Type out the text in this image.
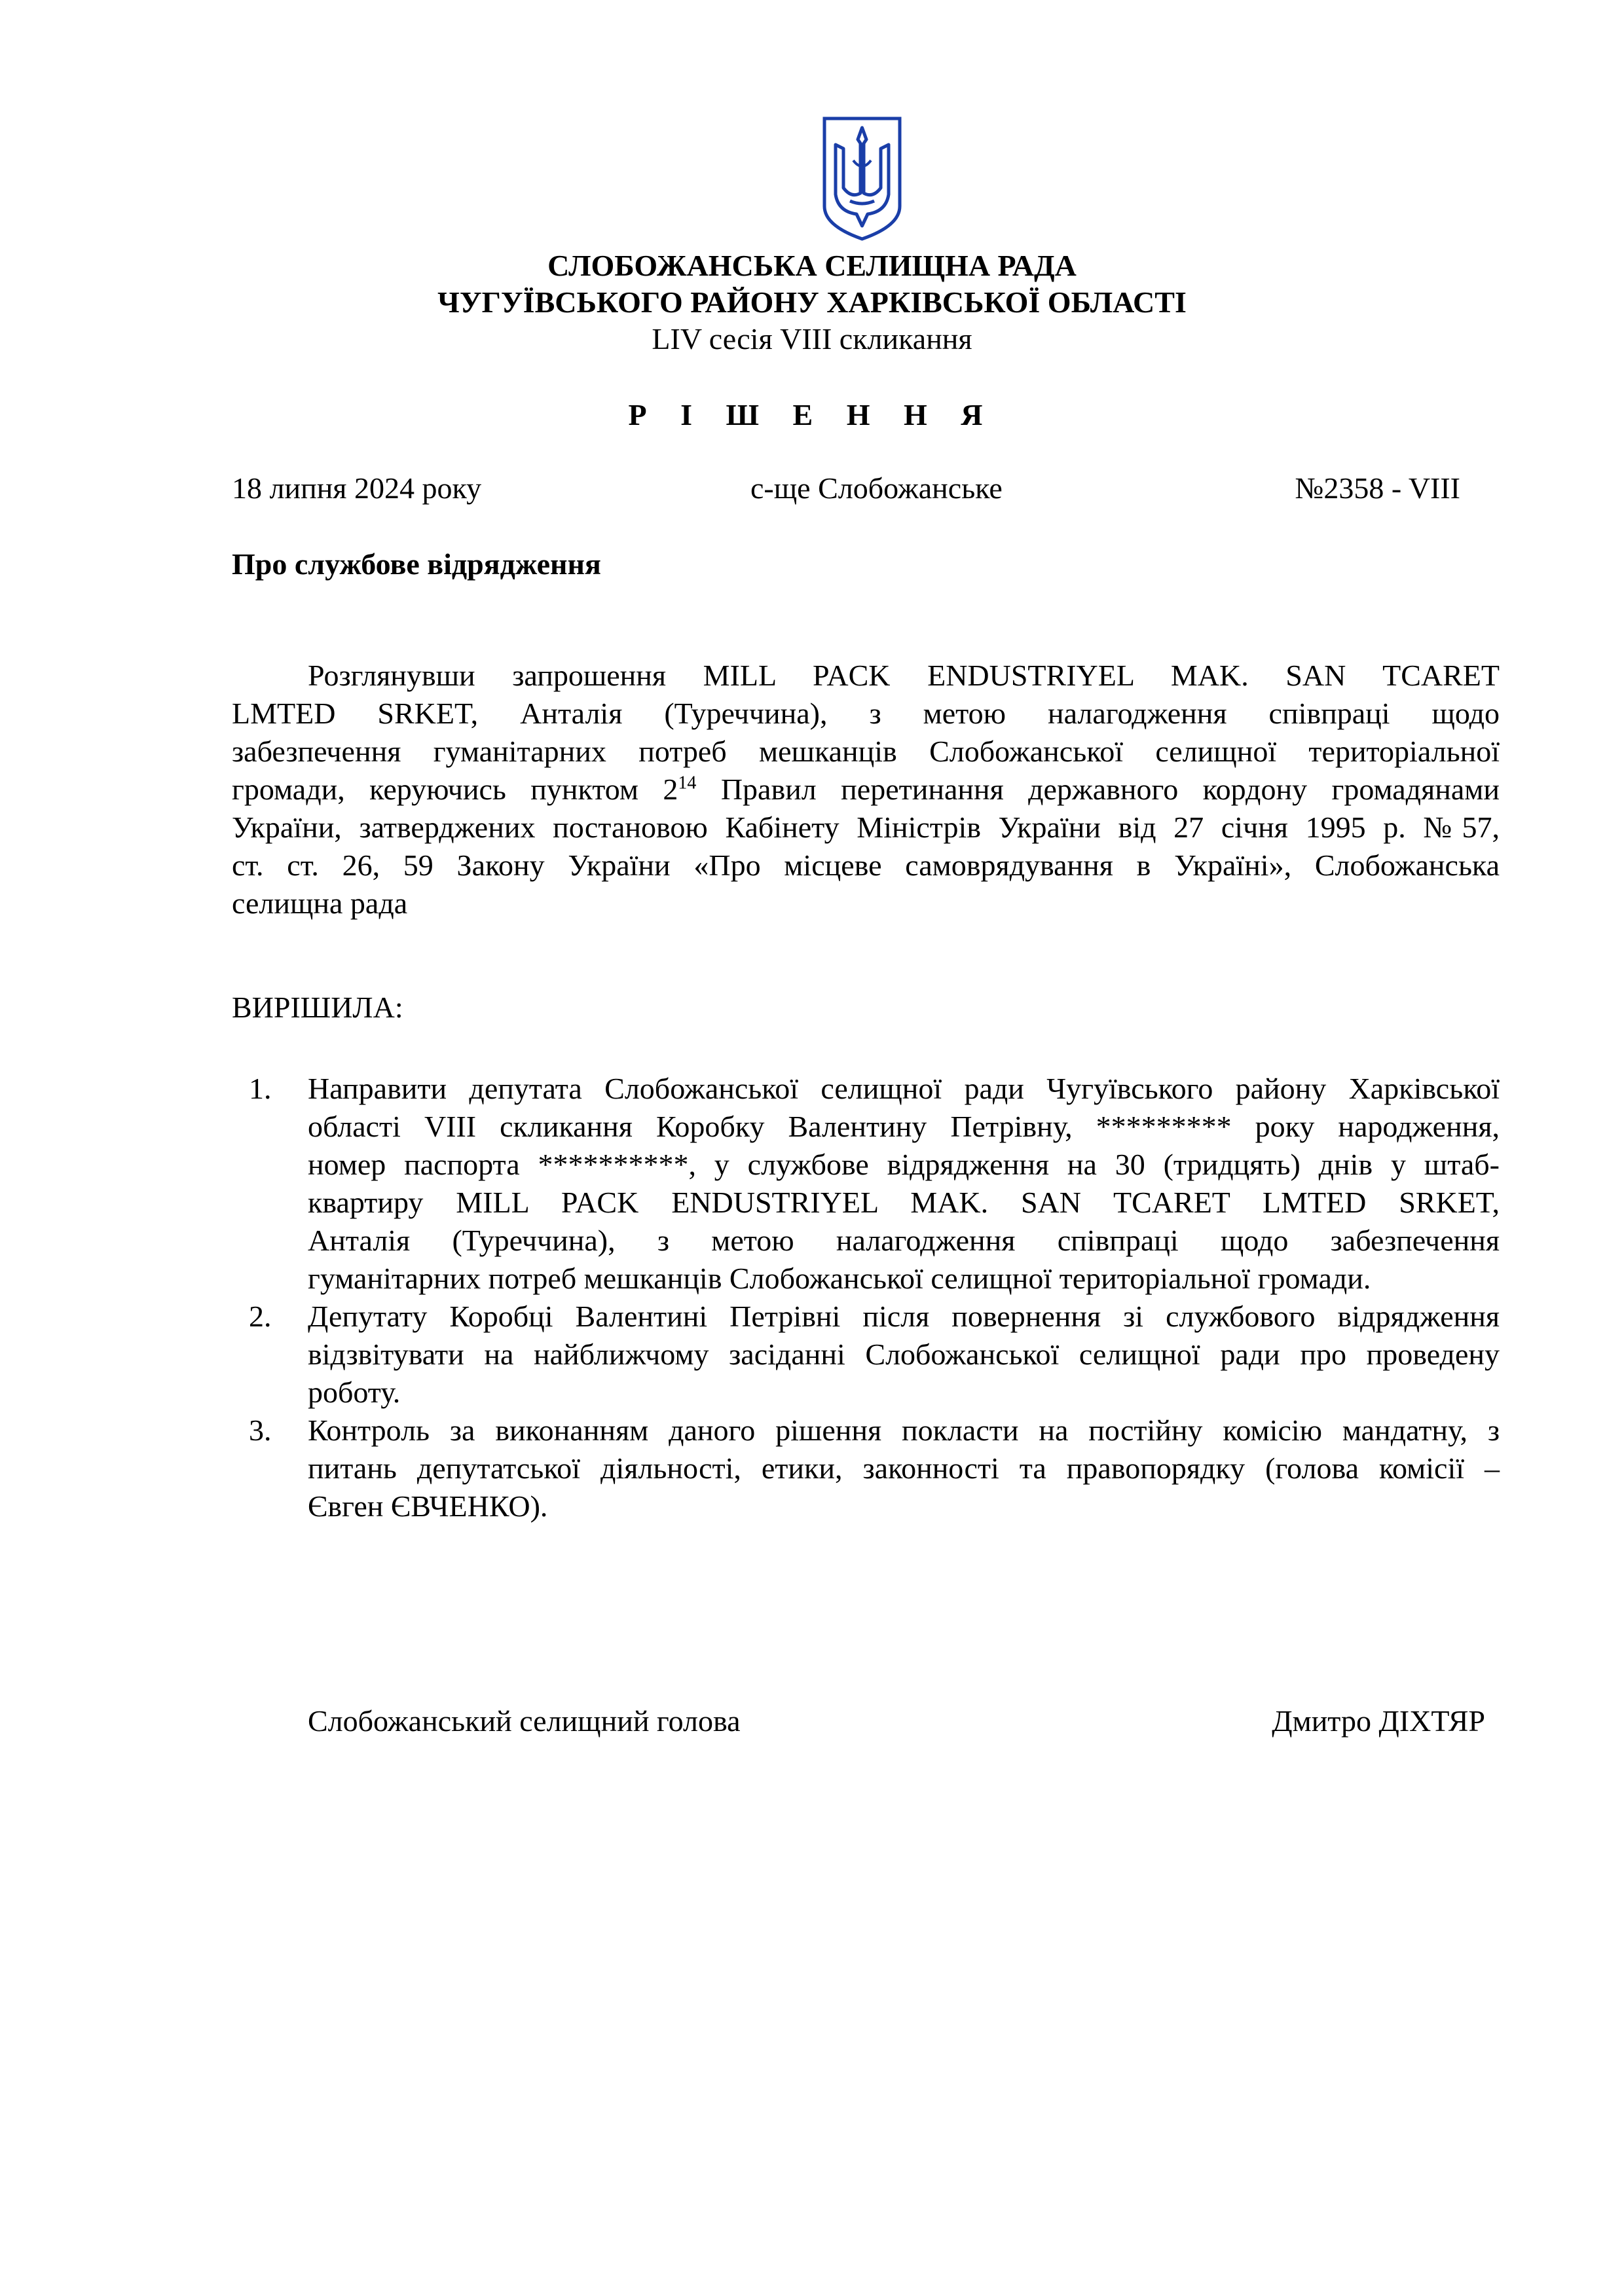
СЛОБОЖАНСЬКА СЕЛИЩНА РАДА
ЧУГУЇВСЬКОГО РАЙОНУ ХАРКІВСЬКОЇ ОБЛАСТІ
LIV сесія VIII скликання
Р І Ш Е Н Н Я
18 липня 2024 року	с-ще Слобожанське	№2358 - VIII
Про службове відрядження
Розглянувши запрошення MILL PACK ENDUSTRIYEL MAK. SAN TCARET
LMTED SRKET, Анталія (Туреччина), з метою налагодження співпраці щодо
забезпечення гуманітарних потреб мешканців Слобожанської селищної територіальної
громади, керуючись пунктом $2^{14}$ Правил перетинання державного кордону громадянами
України, затверджених постановою Кабінету Міністрів України від 27 січня 1995 р. №57,
ст. ст. 26, 59 Закону України «Про місцеве самоврядування в Україні», Слобожанська
селищна рада
ВИРІШИЛА:
1. Направити депутата Слобожанської селищної ради Чугуївського району Харківської
області VIII скликання Коробку Валентину Петрівну, ********* року народження,
номер паспорта **********, у службове відрядження на 30 (тридцять) днів у штаб-
квартиру MILL PACK ENDUSTRIYEL MAK. SAN TCARET LMTED SRKET,
Анталія (Туреччина), з метою налагодження співпраці щодо забезпечення
гуманітарних потреб мешканців Слобожанської селищної територіальної громади.
2. Депутату Коробці Валентині Петрівні після повернення зі службового відрядження
відзвітувати на найближчому засіданні Слобожанської селищної ради про проведену
роботу.
3. Контроль за виконанням даного рішення покласти на постійну комісію мандатну, з
питань депутатської діяльності, етики, законності та правопорядку (голова комісії –
Євген ЄВЧЕНКО).
Слобожанський селищний голова	Дмитро ДІХТЯР
